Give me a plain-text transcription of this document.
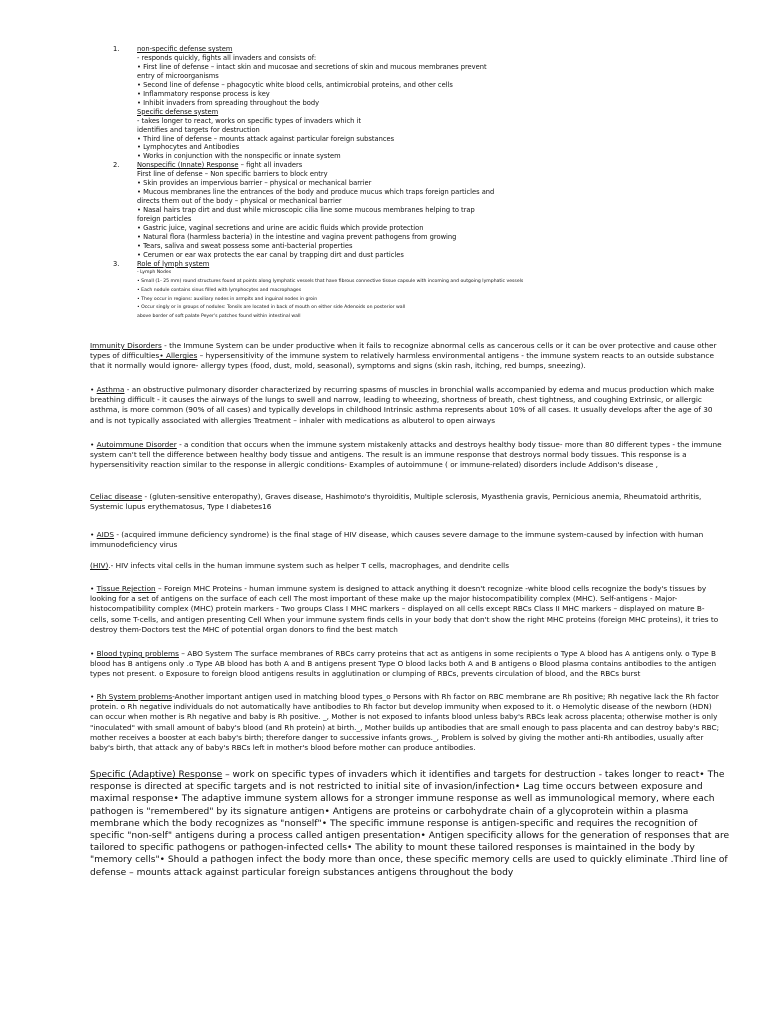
1.	non-specific defense system
- responds quickly, fights all invaders and consists of:
• First line of defense – intact skin and mucosae and secretions of skin and mucous membranes prevent
entry of microorganisms
• Second line of defense – phagocytic white blood cells, antimicrobial proteins, and other cells
• Inflammatory response process is key
• Inhibit invaders from spreading throughout the body
Specific defense system
- takes longer to react, works on specific types of invaders which it
identifies and targets for destruction
• Third line of defense – mounts attack against particular foreign substances
• Lymphocytes and Antibodies
• Works in conjunction with the nonspecific or innate system
2.	Nonspecific (Innate) Response – fight all invaders
First line of defense – Non specific barriers to block entry
• Skin provides an impervious barrier – physical or mechanical barrier
• Mucous membranes line the entrances of the body and produce mucus which traps foreign particles and
directs them out of the body – physical or mechanical barrier
• Nasal hairs trap dirt and dust while microscopic cilia line some mucous membranes helping to trap
foreign particles
• Gastric juice, vaginal secretions and urine are acidic fluids which provide protection
• Natural flora (harmless bacteria) in the intestine and vagina prevent pathogens from growing
• Tears, saliva and sweat possess some anti-bacterial properties
• Cerumen or ear wax protects the ear canal by trapping dirt and dust particles
3.	Role of lymph system
- Lymph Nodes
• Small (1- 25 mm) round structures found at points along lymphatic vessels that have fibrous connective tissue capsule with incoming and outgoing lymphatic vessels
• Each nodule contains sinus filled with lymphocytes and macrophages
• They occur in regions: auxiliary nodes in armpits and inguinal nodes in groin
• Occur singly or in groups of nodules: Tonsils are located in back of mouth on either side Adenoids on posterior wall
above border of soft palate Peyer's patches found within intestinal wall
Immunity Disorders - the Immune System can be under productive when it fails to recognize abnormal cells as cancerous cells or it can be over protective and cause other types of difficulties• Allergies – hypersensitivity of the immune system to relatively harmless environmental antigens - the immune system reacts to an outside substance that it normally would ignore- allergy types (food, dust, mold, seasonal), symptoms and signs (skin rash, itching, red bumps, sneezing).
• Asthma - an obstructive pulmonary disorder characterized by recurring spasms of muscles in bronchial walls accompanied by edema and mucus production which make breathing difficult - it causes the airways of the lungs to swell and narrow, leading to wheezing, shortness of breath, chest tightness, and coughing Extrinsic, or allergic asthma, is more common (90% of all cases) and typically develops in childhood Intrinsic asthma represents about 10% of all cases. It usually develops after the age of 30 and is not typically associated with allergies Treatment – inhaler with medications as albuterol to open airways
• Autoimmune Disorder - a condition that occurs when the immune system mistakenly attacks and destroys healthy body tissue- more than 80 different types - the immune system can't tell the difference between healthy body tissue and antigens. The result is an immune response that destroys normal body tissues. This response is a hypersensitivity reaction similar to the response in allergic conditions- Examples of autoimmune ( or immune-related) disorders include Addison's disease ,
Celiac disease - (gluten-sensitive enteropathy), Graves disease, Hashimoto's thyroiditis, Multiple sclerosis, Myasthenia gravis, Pernicious anemia, Rheumatoid arthritis, Systemic lupus erythematosus, Type I diabetes16
• AIDS - (acquired immune deficiency syndrome) is the final stage of HIV disease, which causes severe damage to the immune system-caused by infection with human immunodeficiency virus
(HIV).- HIV infects vital cells in the human immune system such as helper T cells, macrophages, and dendrite cells
• Tissue Rejection – Foreign MHC Proteins - human immune system is designed to attack anything it doesn't recognize -white blood cells recognize the body's tissues by looking for a set of antigens on the surface of each cell The most important of these make up the major histocompatibility complex (MHC). Self-antigens - Major-histocompatibility complex (MHC) protein markers - Two groups Class I MHC markers – displayed on all cells except RBCs Class II MHC markers – displayed on mature B-cells, some T-cells, and antigen presenting Cell When your immune system finds cells in your body that don't show the right MHC proteins (foreign MHC proteins), it tries to destroy them-Doctors test the MHC of potential organ donors to find the best match
• Blood typing problems – ABO System The surface membranes of RBCs carry proteins that act as antigens in some recipients o Type A blood has A antigens only. o Type B blood has B antigens only .o Type AB blood has both A and B antigens present Type O blood lacks both A and B antigens o Blood plasma contains antibodies to the antigen types not present. o Exposure to foreign blood antigens results in agglutination or clumping of RBCs, prevents circulation of blood, and the RBCs burst
• Rh System problems-Another important antigen used in matching blood types_o Persons with Rh factor on RBC membrane are Rh positive; Rh negative lack the Rh factor protein. o Rh negative individuals do not automatically have antibodies to Rh factor but develop immunity when exposed to it. o Hemolytic disease of the newborn (HDN) can occur when mother is Rh negative and baby is Rh positive. _, Mother is not exposed to infants blood unless baby's RBCs leak across placenta; otherwise mother is only "inoculated" with small amount of baby's blood (and Rh protein) at birth._, Mother builds up antibodies that are small enough to pass placenta and can destroy baby's RBC; mother receives a booster at each baby's birth; therefore danger to successive infants grows._, Problem is solved by giving the mother anti-Rh antibodies, usually after baby's birth, that attack any of baby's RBCs left in mother's blood before mother can produce antibodies.
Specific (Adaptive) Response – work on specific types of invaders which it identifies and targets for destruction - takes longer to react• The response is directed at specific targets and is not restricted to initial site of invasion/infection• Lag time occurs between exposure and maximal response• The adaptive immune system allows for a stronger immune response as well as immunological memory, where each pathogen is "remembered" by its signature antigen• Antigens are proteins or carbohydrate chain of a glycoprotein within a plasma membrane which the body recognizes as "nonself"• The specific immune response is antigen-specific and requires the recognition of specific "non-self" antigens during a process called antigen presentation• Antigen specificity allows for the generation of responses that are tailored to specific pathogens or pathogen-infected cells• The ability to mount these tailored responses is maintained in the body by "memory cells"• Should a pathogen infect the body more than once, these specific memory cells are used to quickly eliminate .Third line of defense – mounts attack against particular foreign substances antigens throughout the body
